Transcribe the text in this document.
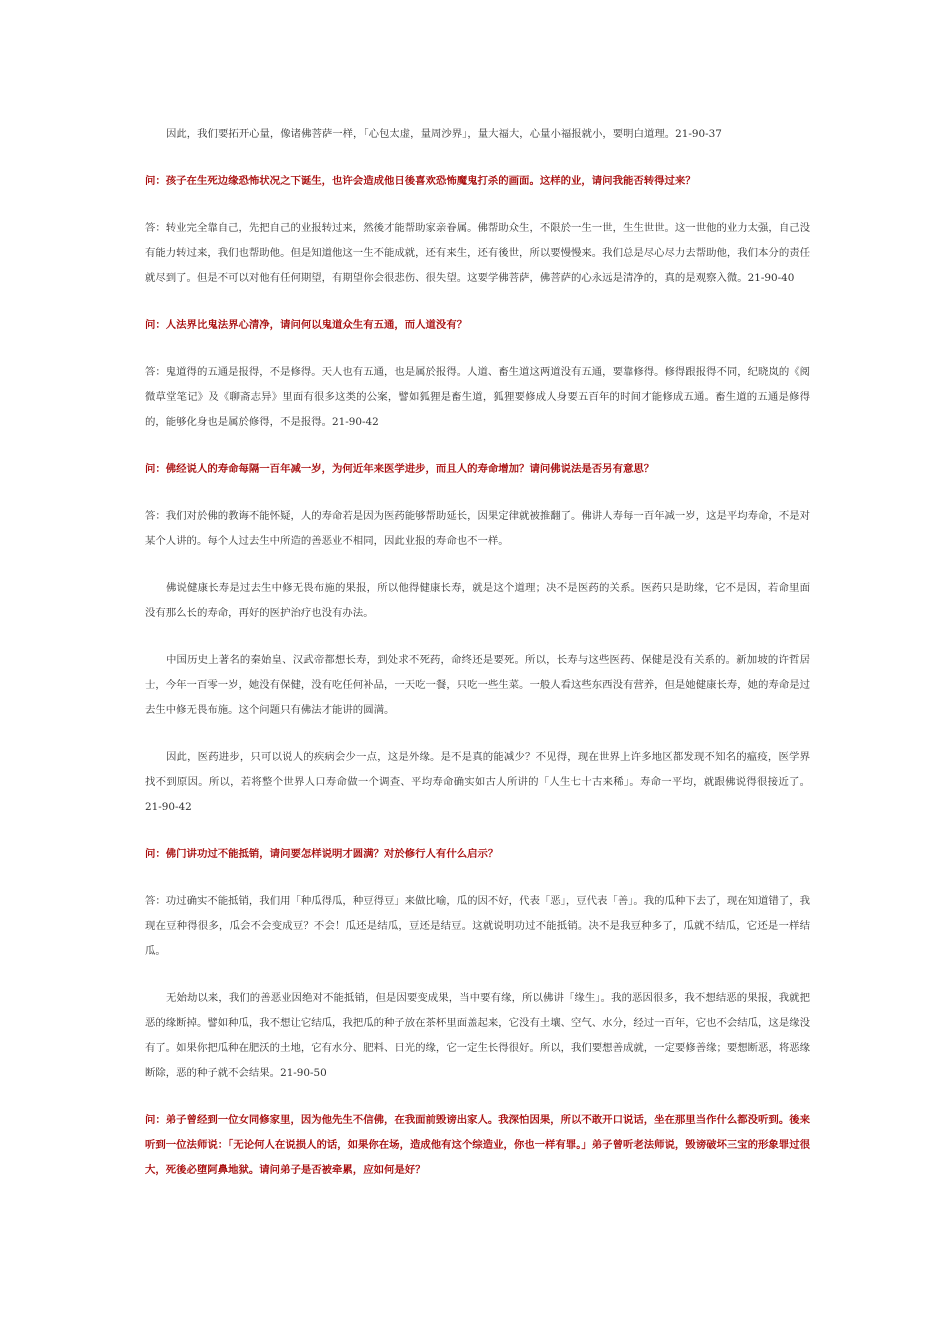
因此，我们要拓开心量，像诸佛菩萨一样，「心包太虚，量周沙界」，量大福大，心量小福报就小，要明白道理。21-90-37

问：孩子在生死边缘恐怖状况之下诞生，也许会造成他日後喜欢恐怖魔鬼打杀的画面。这样的业，请问我能否转得过来？

答：转业完全靠自己，先把自己的业报转过来，然後才能帮助家亲眷属。佛帮助众生，不限於一生一世，生生世世。这一世他的业力太强，自己没有能力转过来，我们也帮助他。但是知道他这一生不能成就，还有来生，还有後世，所以要慢慢来。我们总是尽心尽力去帮助他，我们本分的责任就尽到了。但是不可以对他有任何期望，有期望你会很悲伤、很失望。这要学佛菩萨，佛菩萨的心永远是清净的，真的是观察入微。21-90-40

问：人法界比鬼法界心清净，请问何以鬼道众生有五通，而人道没有？

答：鬼道得的五通是报得，不是修得。天人也有五通，也是属於报得。人道、畜生道这两道没有五通，要靠修得。修得跟报得不同，纪晓岚的《阅微草堂笔记》及《聊斋志异》里面有很多这类的公案，譬如狐狸是畜生道，狐狸要修成人身要五百年的时间才能修成五通。畜生道的五通是修得的，能够化身也是属於修得，不是报得。21-90-42

问：佛经说人的寿命每隔一百年减一岁，为何近年来医学进步，而且人的寿命增加？请问佛说法是否另有意思？

答：我们对於佛的教诲不能怀疑，人的寿命若是因为医药能够帮助延长，因果定律就被推翻了。佛讲人寿每一百年减一岁，这是平均寿命，不是对某个人讲的。每个人过去生中所造的善恶业不相同，因此业报的寿命也不一样。

佛说健康长寿是过去生中修无畏布施的果报，所以他得健康长寿，就是这个道理；决不是医药的关系。医药只是助缘，它不是因，若命里面没有那么长的寿命，再好的医护治疗也没有办法。

中国历史上著名的秦始皇、汉武帝都想长寿，到处求不死药，命终还是要死。所以，长寿与这些医药、保健是没有关系的。新加坡的许哲居士，今年一百零一岁，她没有保健，没有吃任何补品，一天吃一餐，只吃一些生菜。一般人看这些东西没有营养，但是她健康长寿，她的寿命是过去生中修无畏布施。这个问题只有佛法才能讲的圆满。

因此，医药进步，只可以说人的疾病会少一点，这是外缘。是不是真的能减少？不见得，现在世界上许多地区都发现不知名的瘟疫，医学界找不到原因。所以，若将整个世界人口寿命做一个调查、平均寿命确实如古人所讲的「人生七十古来稀」。寿命一平均，就跟佛说得很接近了。21-90-42

问：佛门讲功过不能抵销，请问要怎样说明才圆满？对於修行人有什么启示？

答：功过确实不能抵销，我们用「种瓜得瓜，种豆得豆」来做比喻，瓜的因不好，代表「恶」，豆代表「善」。我的瓜种下去了，现在知道错了，我现在豆种得很多，瓜会不会变成豆？不会！瓜还是结瓜，豆还是结豆。这就说明功过不能抵销。决不是我豆种多了，瓜就不结瓜，它还是一样结瓜。

无始劫以来，我们的善恶业因绝对不能抵销，但是因要变成果，当中要有缘，所以佛讲「缘生」。我的恶因很多，我不想结恶的果报，我就把恶的缘断掉。譬如种瓜，我不想让它结瓜，我把瓜的种子放在茶杯里面盖起来，它没有土壤、空气、水分，经过一百年，它也不会结瓜，这是缘没有了。如果你把瓜种在肥沃的土地，它有水分、肥料、日光的缘，它一定生长得很好。所以，我们要想善成就，一定要修善缘；要想断恶，将恶缘断除，恶的种子就不会结果。21-90-50

问：弟子曾经到一位女同修家里，因为他先生不信佛，在我面前毁谤出家人。我深怕因果，所以不敢开口说话，坐在那里当作什么都没听到。後来听到一位法师说：「无论何人在说损人的话，如果你在场，造成他有这个综造业，你也一样有罪。」弟子曾听老法师说，毁谤破坏三宝的形象罪过很大，死後必堕阿鼻地狱。请问弟子是否被牵累，应如何是好？
